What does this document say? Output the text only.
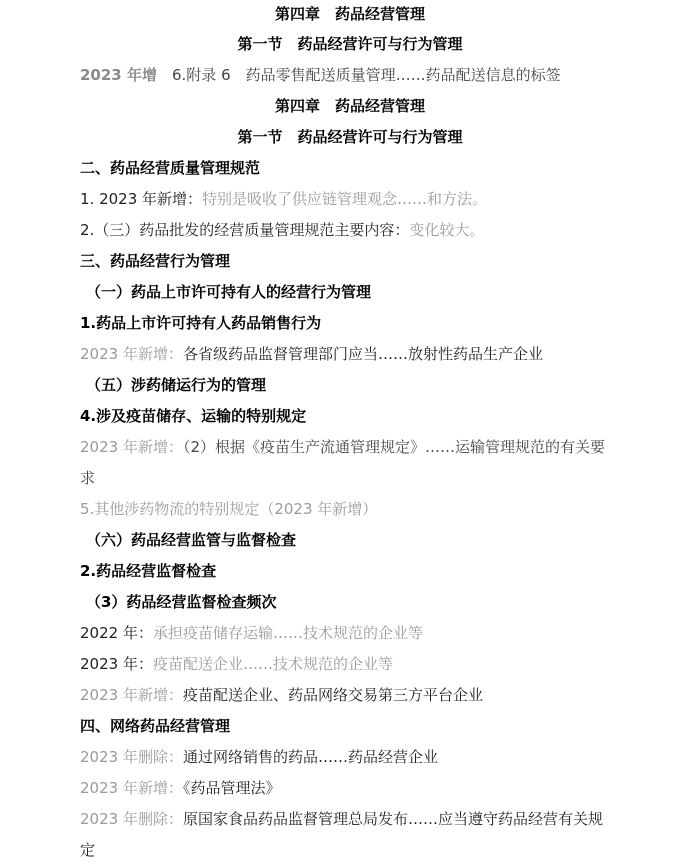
第四章　药品经营管理
第一节　药品经营许可与行为管理
2023 年增　6.附录 6　药品零售配送质量管理……药品配送信息的标签
第四章　药品经营管理
第一节　药品经营许可与行为管理
二、药品经营质量管理规范
1. 2023 年新增：特别是吸收了供应链管理观念……和方法。
2.（三）药品批发的经营质量管理规范主要内容：变化较大。
三、药品经营行为管理
（一）药品上市许可持有人的经营行为管理
1.药品上市许可持有人药品销售行为
2023 年新增：各省级药品监督管理部门应当……放射性药品生产企业
（五）涉药储运行为的管理
4.涉及疫苗储存、运输的特别规定
2023 年新增：（2）根据《疫苗生产流通管理规定》……运输管理规范的有关要
求
5.其他涉药物流的特别规定（2023 年新增）
（六）药品经营监管与监督检查
2.药品经营监督检查
（3）药品经营监督检查频次
2022 年：承担疫苗储存运输……技术规范的企业等
2023 年：疫苗配送企业……技术规范的企业等
2023 年新增：疫苗配送企业、药品网络交易第三方平台企业
四、网络药品经营管理
2023 年删除：通过网络销售的药品……药品经营企业
2023 年新增：《药品管理法》
2023 年删除：原国家食品药品监督管理总局发布……应当遵守药品经营有关规
定
